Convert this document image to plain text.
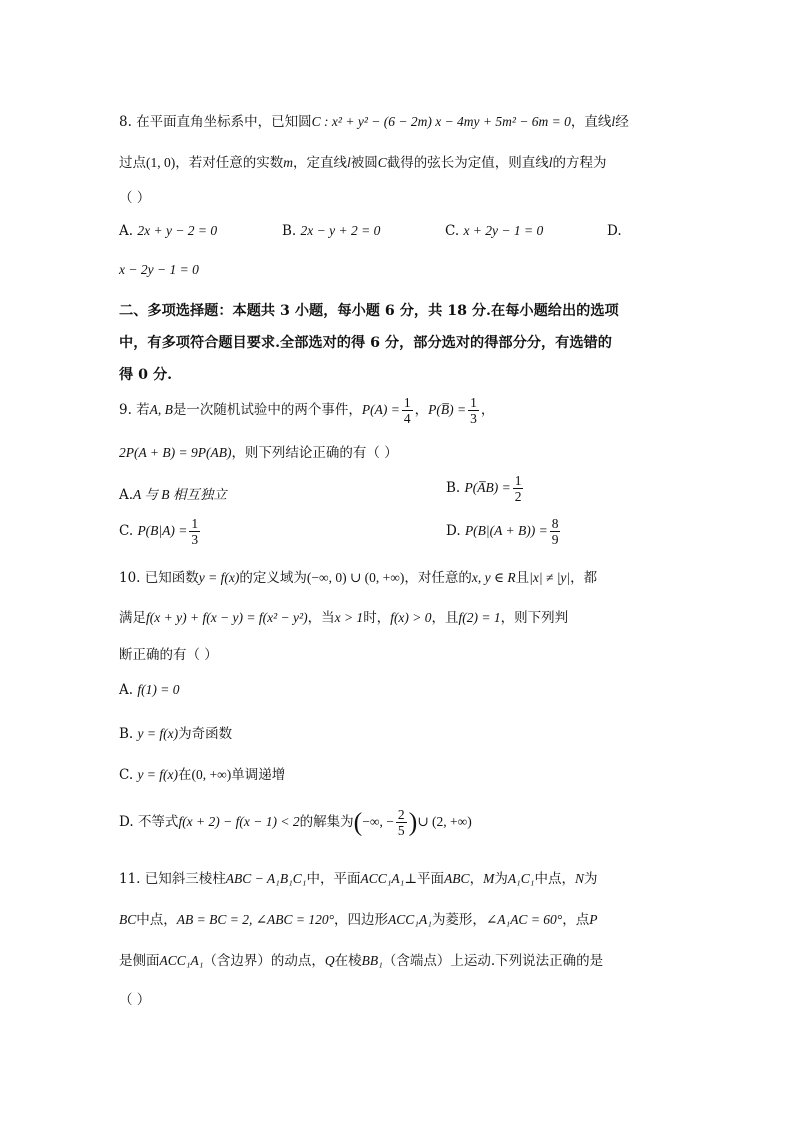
8. 在平面直角坐标系中，已知圆C : x² + y² − (6 − 2m) x − 4my + 5m² − 6m = 0，直线l经
过点(1, 0)，若对任意的实数m，定直线l被圆C截得的弦长为定值，则直线l的方程为
（ ）
A. 2x + y − 2 = 0	B. 2x − y + 2 = 0	C. x + 2y − 1 = 0	D.
x − 2y − 1 = 0
二、多项选择题：本题共 3 小题，每小题 6 分，共 18 分.在每小题给出的选项
中，有多项符合题目要求.全部选对的得 6 分，部分选对的得部分分，有选错的
得 0 分.
9. 若A, B是一次随机试验中的两个事件，$P(A) = \frac{1}{4}$ ，P(B̅) = $\frac{1}{3}$ ，
2P(A + B) = 9P(AB)，则下列结论正确的有（ ）
A.A 与 B 相互独立	B. P(A̅B) = $\frac{1}{2}$
C. $P(B|A) = \frac{1}{3}$	D. $P(B|(A + B)) = \frac{8}{9}$
10. 已知函数y = f(x)的定义域为(−∞, 0) ∪ (0, +∞)，对任意的x, y ∈ R且|x| ≠ |y|，都
满足f(x + y) + f(x − y) = f(x² − y²)，当x > 1时，f(x) > 0，且f(2) = 1，则下列判
断正确的有（ ）
A. f(1) = 0
B. y = f(x)为奇函数
C. y = f(x)在(0, +∞)单调递增
D. 不等式f(x + 2) − f(x − 1) < 2的解集为(−∞, − $\frac{2}{5}$ )∪ (2, +∞)
11. 已知斜三棱柱ABC − A₁B₁C₁中，平面ACC₁A₁⊥平面ABC，M为A₁C₁中点，N为
BC中点，AB = BC = 2, ∠ABC = 120°，四边形ACC₁A₁为菱形，∠A₁AC = 60°，点P
是侧面ACC₁A₁（含边界）的动点，Q在棱BB₁（含端点）上运动.下列说法正确的是
（ ）
